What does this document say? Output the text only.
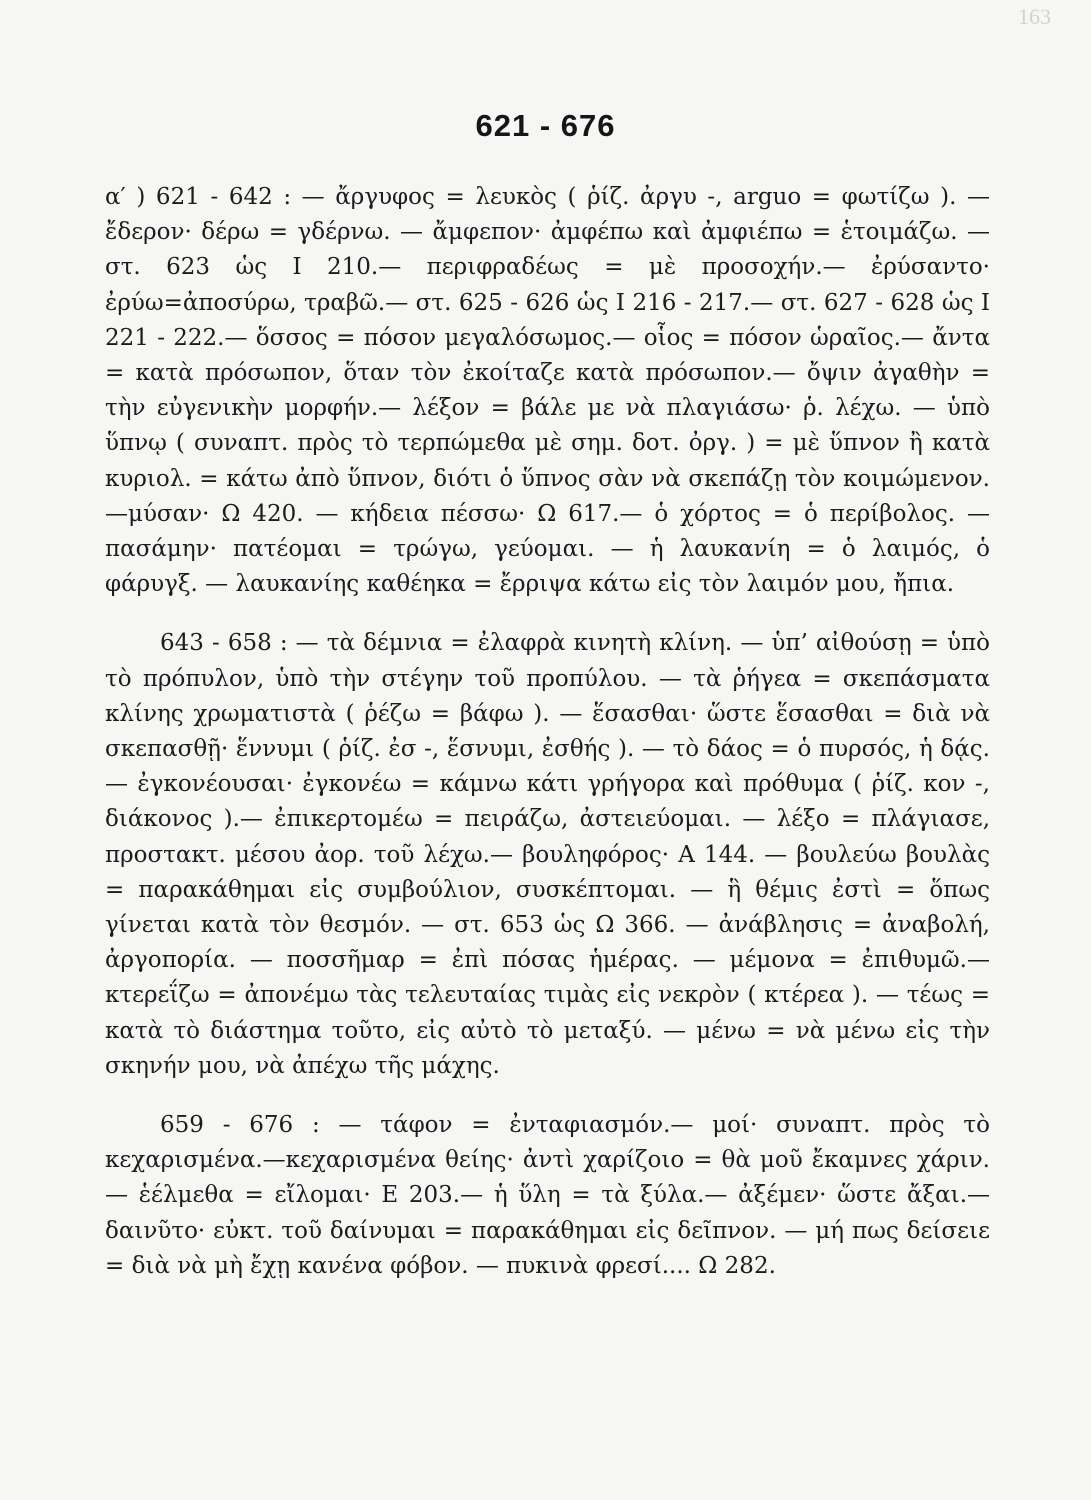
163
621 - 676

α′ ) 621 - 642 : — ἄργυφος = λευκὸς ( ῥίζ. ἀργυ -, arguo = φωτίζω ). — ἔδερον· δέρω = γδέρνω. — ἄμφεπον· ἀμφέπω καὶ ἀμφιέπω = ἑτοιμάζω. — στ. 623 ὡς Ι 210.— περιφραδέως = μὲ προσοχήν.— ἐρύσαντο· ἐρύω=ἀποσύρω, τραβῶ.— στ. 625 - 626 ὡς Ι 216 - 217.— στ. 627 - 628 ὡς Ι 221 - 222.— ὅσσος = πόσον μεγαλόσωμος.— οἷος = πόσον ὡραῖος.— ἄντα = κατὰ πρόσωπον, ὅταν τὸν ἐκοίταζε κατὰ πρόσωπον.— ὄψιν ἀγαθὴν = τὴν εὐγενικὴν μορφήν.— λέξον = βάλε με νὰ πλαγιάσω· ῥ. λέχω. — ὑπὸ ὕπνῳ ( συναπτ. πρὸς τὸ τερπώμεθα μὲ σημ. δοτ. ὀργ. ) = μὲ ὕπνον ἢ κατὰ κυριολ. = κάτω ἀπὸ ὕπνον, διότι ὁ ὕπνος σὰν νὰ σκεπάζῃ τὸν κοιμώμενον.—μύσαν· Ω 420. — κήδεια πέσσω· Ω 617.— ὁ χόρτος = ὁ περίβολος. — πασάμην· πατέομαι = τρώγω, γεύομαι. — ἡ λαυκανίη = ὁ λαιμός, ὁ φάρυγξ. — λαυκανίης καθέηκα = ἔρριψα κάτω εἰς τὸν λαιμόν μου, ἤπια.

643 - 658 : — τὰ δέμνια = ἐλαφρὰ κινητὴ κλίνη. — ὑπ’ αἰθούσῃ = ὑπὸ τὸ πρόπυλον, ὑπὸ τὴν στέγην τοῦ προπύλου. — τὰ ῥήγεα = σκεπάσματα κλίνης χρωματιστὰ ( ῥέζω = βάφω ). — ἕσασθαι· ὥστε ἕσασθαι = διὰ νὰ σκεπασθῇ· ἕννυμι ( ῥίζ. ἐσ -, ἕσνυμι, ἐσθής ). — τὸ δάος = ὁ πυρσός, ἡ δᾴς.— ἐγκονέουσαι· ἐγκονέω = κάμνω κάτι γρήγορα καὶ πρόθυμα ( ῥίζ. κον -, διάκονος ).— ἐπικερτομέω = πειράζω, ἀστειεύομαι. — λέξο = πλάγιασε, προστακτ. μέσου ἀορ. τοῦ λέχω.— βουληφόρος· Α 144. — βουλεύω βουλὰς = παρακάθημαι εἰς συμβούλιον, συσκέπτομαι. — ἣ θέμις ἐστὶ = ὅπως γίνεται κατὰ τὸν θεσμόν. — στ. 653 ὡς Ω 366. — ἀνάβλησις = ἀναβολή, ἀργοπορία. — ποσσῆμαρ = ἐπὶ πόσας ἡμέρας. — μέμονα = ἐπιθυμῶ.— κτερεΐζω = ἀπονέμω τὰς τελευταίας τιμὰς εἰς νεκρὸν ( κτέρεα ). — τέως = κατὰ τὸ διάστημα τοῦτο, εἰς αὐτὸ τὸ μεταξύ. — μένω = νὰ μένω εἰς τὴν σκηνήν μου, νὰ ἀπέχω τῆς μάχης.

659 - 676 : — τάφον = ἐνταφιασμόν.— μοί· συναπτ. πρὸς τὸ κεχαρισμένα.—κεχαρισμένα θείης· ἀντὶ χαρίζοιο = θὰ μοῦ ἔκαμνες χάριν.— ἑέλμεθα = εἴλομαι· Ε 203.— ἡ ὕλη = τὰ ξύλα.— ἀξέμεν· ὥστε ἄξαι.— δαινῦτο· εὐκτ. τοῦ δαίνυμαι = παρακάθημαι εἰς δεῖπνον. — μή πως δείσειε = διὰ νὰ μὴ ἔχῃ κανένα φόβον. — πυκινὰ φρεσί.... Ω 282.
